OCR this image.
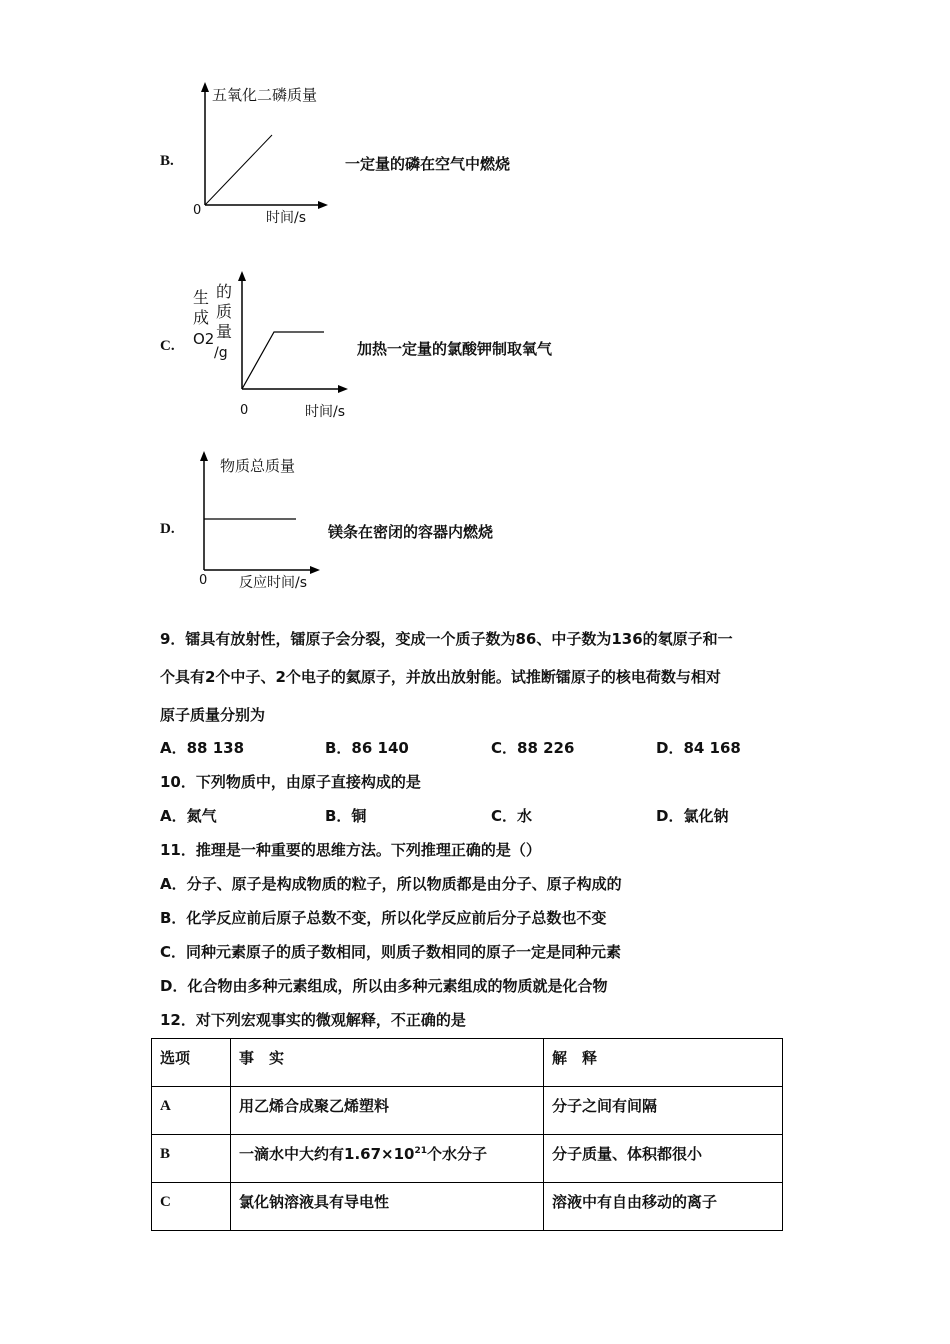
B.
五氧化二磷质量
0	时间/s
一定量的磷在空气中燃烧
C.
生成
O2
的质量
/g
0	时间/s
加热一定量的氯酸钾制取氧气
D.
物质总质量
0 反应时间/s
镁条在密闭的容器内燃烧
9．镭具有放射性，镭原子会分裂，变成一个质子数为86、中子数为136的氡原子和一
个具有2个中子、2个电子的氦原子，并放出放射能。试推断镭原子的核电荷数与相对
原子质量分别为
A．88 138	B．86 140	C．88 226	D．84 168
10．下列物质中，由原子直接构成的是
A．氮气	B．铜	C．水	D．氯化钠
11．推理是一种重要的思维方法。下列推理正确的是（）
A．分子、原子是构成物质的粒子，所以物质都是由分子、原子构成的
B．化学反应前后原子总数不变，所以化学反应前后分子总数也不变
C．同种元素原子的质子数相同，则质子数相同的原子一定是同种元素
D．化合物由多种元素组成，所以由多种元素组成的物质就是化合物
12．对下列宏观事实的微观解释，不正确的是
选项	事　实	解　释
A	用乙烯合成聚乙烯塑料	分子之间有间隔
B	一滴水中大约有$1.67\times 10^{21}$个水分子	分子质量、体积都很小
C	氯化钠溶液具有导电性	溶液中有自由移动的离子
